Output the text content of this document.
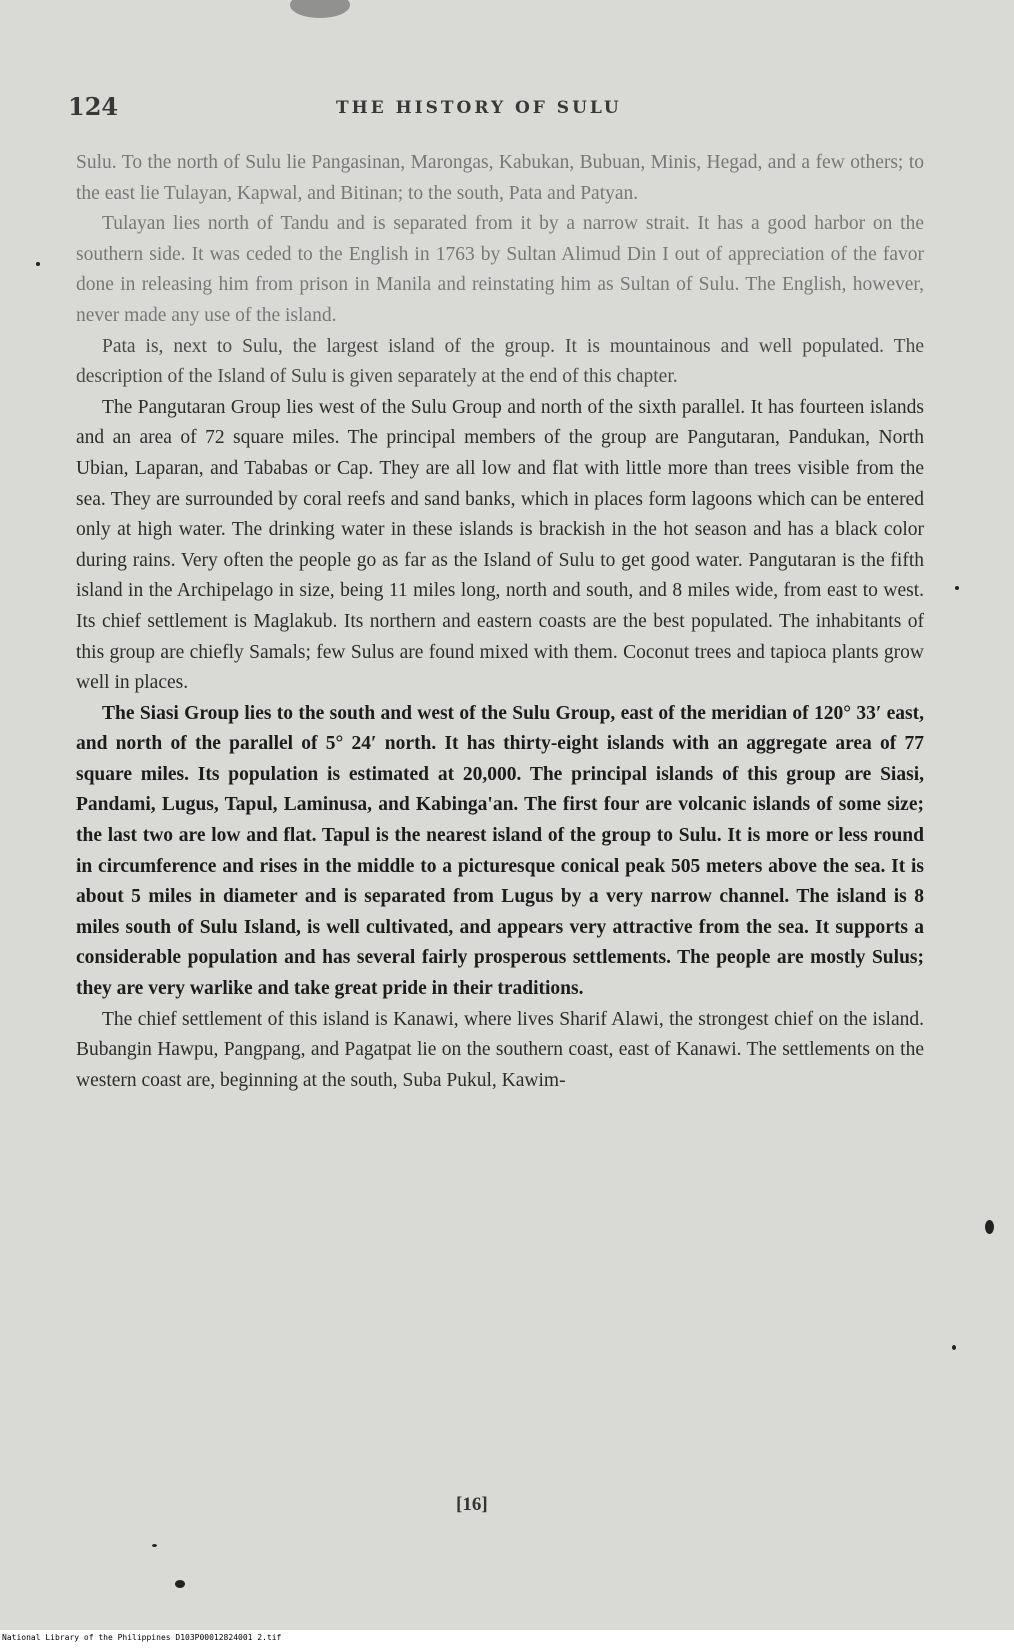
124	THE HISTORY OF SULU

Sulu. To the north of Sulu lie Pangasinan, Marongas, Kabukan, Bubuan, Minis, Hegad, and a few others; to the east lie Tulayan, Kapwal, and Bitinan; to the south, Pata and Patyan.

Tulayan lies north of Tandu and is separated from it by a narrow strait. It has a good harbor on the southern side. It was ceded to the English in 1763 by Sultan Alimud Din I out of appreciation of the favor done in releasing him from prison in Manila and reinstating him as Sultan of Sulu. The English, however, never made any use of the island.

Pata is, next to Sulu, the largest island of the group. It is mountainous and well populated. The description of the Island of Sulu is given separately at the end of this chapter.

The Pangutaran Group lies west of the Sulu Group and north of the sixth parallel. It has fourteen islands and an area of 72 square miles. The principal members of the group are Pangutaran, Pandukan, North Ubian, Laparan, and Tababas or Cap. They are all low and flat with little more than trees visible from the sea. They are surrounded by coral reefs and sand banks, which in places form lagoons which can be entered only at high water. The drinking water in these islands is brackish in the hot season and has a black color during rains. Very often the people go as far as the Island of Sulu to get good water. Pangutaran is the fifth island in the Archipelago in size, being 11 miles long, north and south, and 8 miles wide, from east to west. Its chief settlement is Maglakub. Its northern and eastern coasts are the best populated. The inhabitants of this group are chiefly Samals; few Sulus are found mixed with them. Coconut trees and tapioca plants grow well in places.

The Siasi Group lies to the south and west of the Sulu Group, east of the meridian of 120° 33′ east, and north of the parallel of 5° 24′ north. It has thirty-eight islands with an aggregate area of 77 square miles. Its population is estimated at 20,000. The principal islands of this group are Siasi, Pandami, Lugus, Tapul, Laminusa, and Kabinga'an. The first four are volcanic islands of some size; the last two are low and flat. Tapul is the nearest island of the group to Sulu. It is more or less round in circumference and rises in the middle to a picturesque conical peak 505 meters above the sea. It is about 5 miles in diameter and is separated from Lugus by a very narrow channel. The island is 8 miles south of Sulu Island, is well cultivated, and appears very attractive from the sea. It supports a considerable population and has several fairly prosperous settlements. The people are mostly Sulus; they are very warlike and take great pride in their traditions.

The chief settlement of this island is Kanawi, where lives Sharif Alawi, the strongest chief on the island. Bubangin Hawpu, Pangpang, and Pagatpat lie on the southern coast, east of Kanawi. The settlements on the western coast are, beginning at the south, Suba Pukul, Kawim-

[16]
National Library of the Philippines D103P00012824001 2.tif
